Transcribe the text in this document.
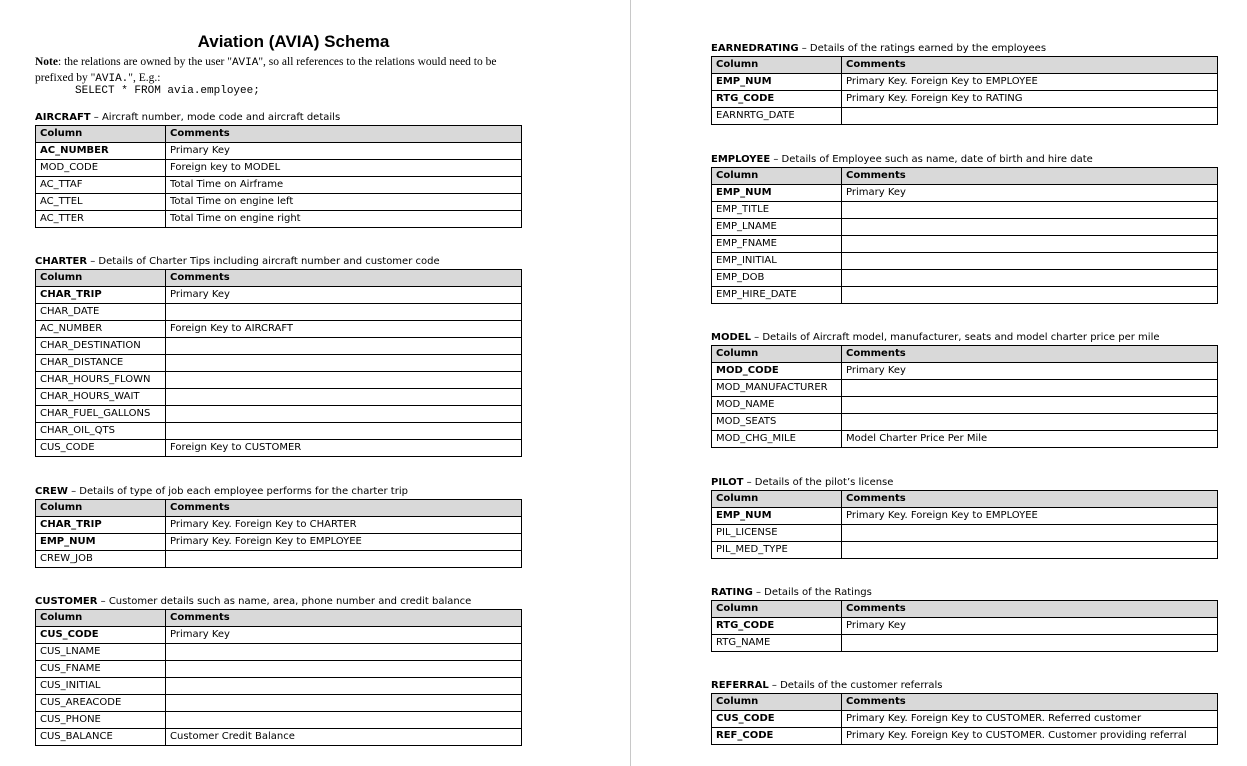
Aviation (AVIA) Schema
Note: the relations are owned by the user "AVIA", so all references to the relations would need to be prefixed by "AVIA.", E.g.:
SELECT * FROM avia.employee;
AIRCRAFT – Aircraft number, mode code and aircraft details
Column	Comments
AC_NUMBER	Primary Key
MOD_CODE	Foreign key to MODEL
AC_TTAF	Total Time on Airframe
AC_TTEL	Total Time on engine left
AC_TTER	Total Time on engine right
CHARTER – Details of Charter Tips including aircraft number and customer code
Column	Comments
CHAR_TRIP	Primary Key
CHAR_DATE	
AC_NUMBER	Foreign Key to AIRCRAFT
CHAR_DESTINATION	
CHAR_DISTANCE	
CHAR_HOURS_FLOWN	
CHAR_HOURS_WAIT	
CHAR_FUEL_GALLONS	
CHAR_OIL_QTS	
CUS_CODE	Foreign Key to CUSTOMER
CREW – Details of type of job each employee performs for the charter trip
Column	Comments
CHAR_TRIP	Primary Key. Foreign Key to CHARTER
EMP_NUM	Primary Key. Foreign Key to EMPLOYEE
CREW_JOB	
CUSTOMER – Customer details such as name, area, phone number and credit balance
Column	Comments
CUS_CODE	Primary Key
CUS_LNAME	
CUS_FNAME	
CUS_INITIAL	
CUS_AREACODE	
CUS_PHONE	
CUS_BALANCE	Customer Credit Balance
EARNEDRATING – Details of the ratings earned by the employees
Column	Comments
EMP_NUM	Primary Key. Foreign Key to EMPLOYEE
RTG_CODE	Primary Key. Foreign Key to RATING
EARNRTG_DATE	
EMPLOYEE – Details of Employee such as name, date of birth and hire date
Column	Comments
EMP_NUM	Primary Key
EMP_TITLE	
EMP_LNAME	
EMP_FNAME	
EMP_INITIAL	
EMP_DOB	
EMP_HIRE_DATE	
MODEL – Details of Aircraft model, manufacturer, seats and model charter price per mile
Column	Comments
MOD_CODE	Primary Key
MOD_MANUFACTURER	
MOD_NAME	
MOD_SEATS	
MOD_CHG_MILE	Model Charter Price Per Mile
PILOT – Details of the pilot’s license
Column	Comments
EMP_NUM	Primary Key. Foreign Key to EMPLOYEE
PIL_LICENSE	
PIL_MED_TYPE	
RATING – Details of the Ratings
Column	Comments
RTG_CODE	Primary Key
RTG_NAME	
REFERRAL – Details of the customer referrals
Column	Comments
CUS_CODE	Primary Key. Foreign Key to CUSTOMER. Referred customer
REF_CODE	Primary Key. Foreign Key to CUSTOMER. Customer providing referral
